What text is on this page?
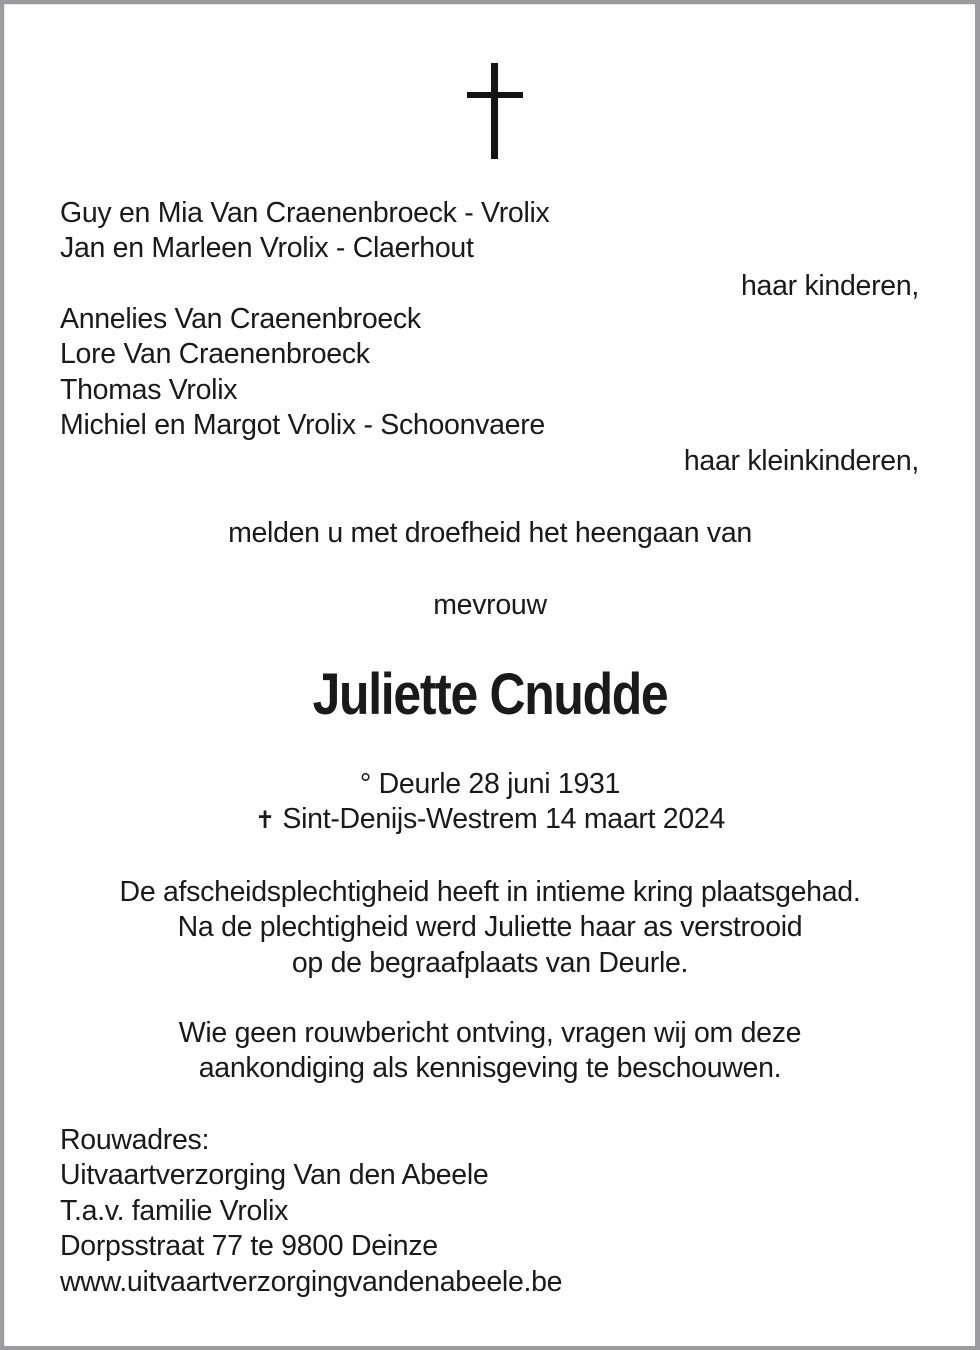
Guy en Mia Van Craenenbroeck - Vrolix
Jan en Marleen Vrolix - Claerhout
haar kinderen,
Annelies Van Craenenbroeck
Lore Van Craenenbroeck
Thomas Vrolix
Michiel en Margot Vrolix - Schoonvaere
haar kleinkinderen,
melden u met droefheid het heengaan van
mevrouw
Juliette Cnudde
° Deurle 28 juni 1931
✝ Sint-Denijs-Westrem 14 maart 2024
De afscheidsplechtigheid heeft in intieme kring plaatsgehad.
Na de plechtigheid werd Juliette haar as verstrooid
op de begraafplaats van Deurle.
Wie geen rouwbericht ontving, vragen wij om deze
aankondiging als kennisgeving te beschouwen.
Rouwadres:
Uitvaartverzorging Van den Abeele
T.a.v. familie Vrolix
Dorpsstraat 77 te 9800 Deinze
www.uitvaartverzorgingvandenabeele.be
